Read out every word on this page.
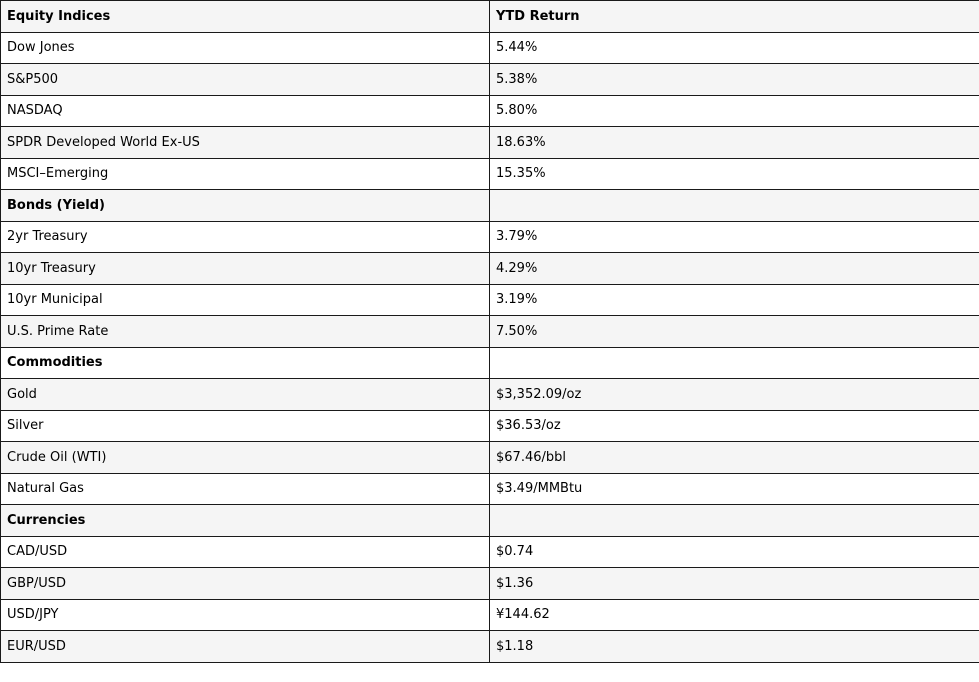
Equity Indices	YTD Return
Dow Jones	5.44%
S&P500	5.38%
NASDAQ	5.80%
SPDR Developed World Ex-US	18.63%
MSCI–Emerging	15.35%
Bonds (Yield)	
2yr Treasury	3.79%
10yr Treasury	4.29%
10yr Municipal	3.19%
U.S. Prime Rate	7.50%
Commodities	
Gold	$3,352.09/oz
Silver	$36.53/oz
Crude Oil (WTI)	$67.46/bbl
Natural Gas	$3.49/MMBtu
Currencies	
CAD/USD	$0.74
GBP/USD	$1.36
USD/JPY	¥144.62
EUR/USD	$1.18
